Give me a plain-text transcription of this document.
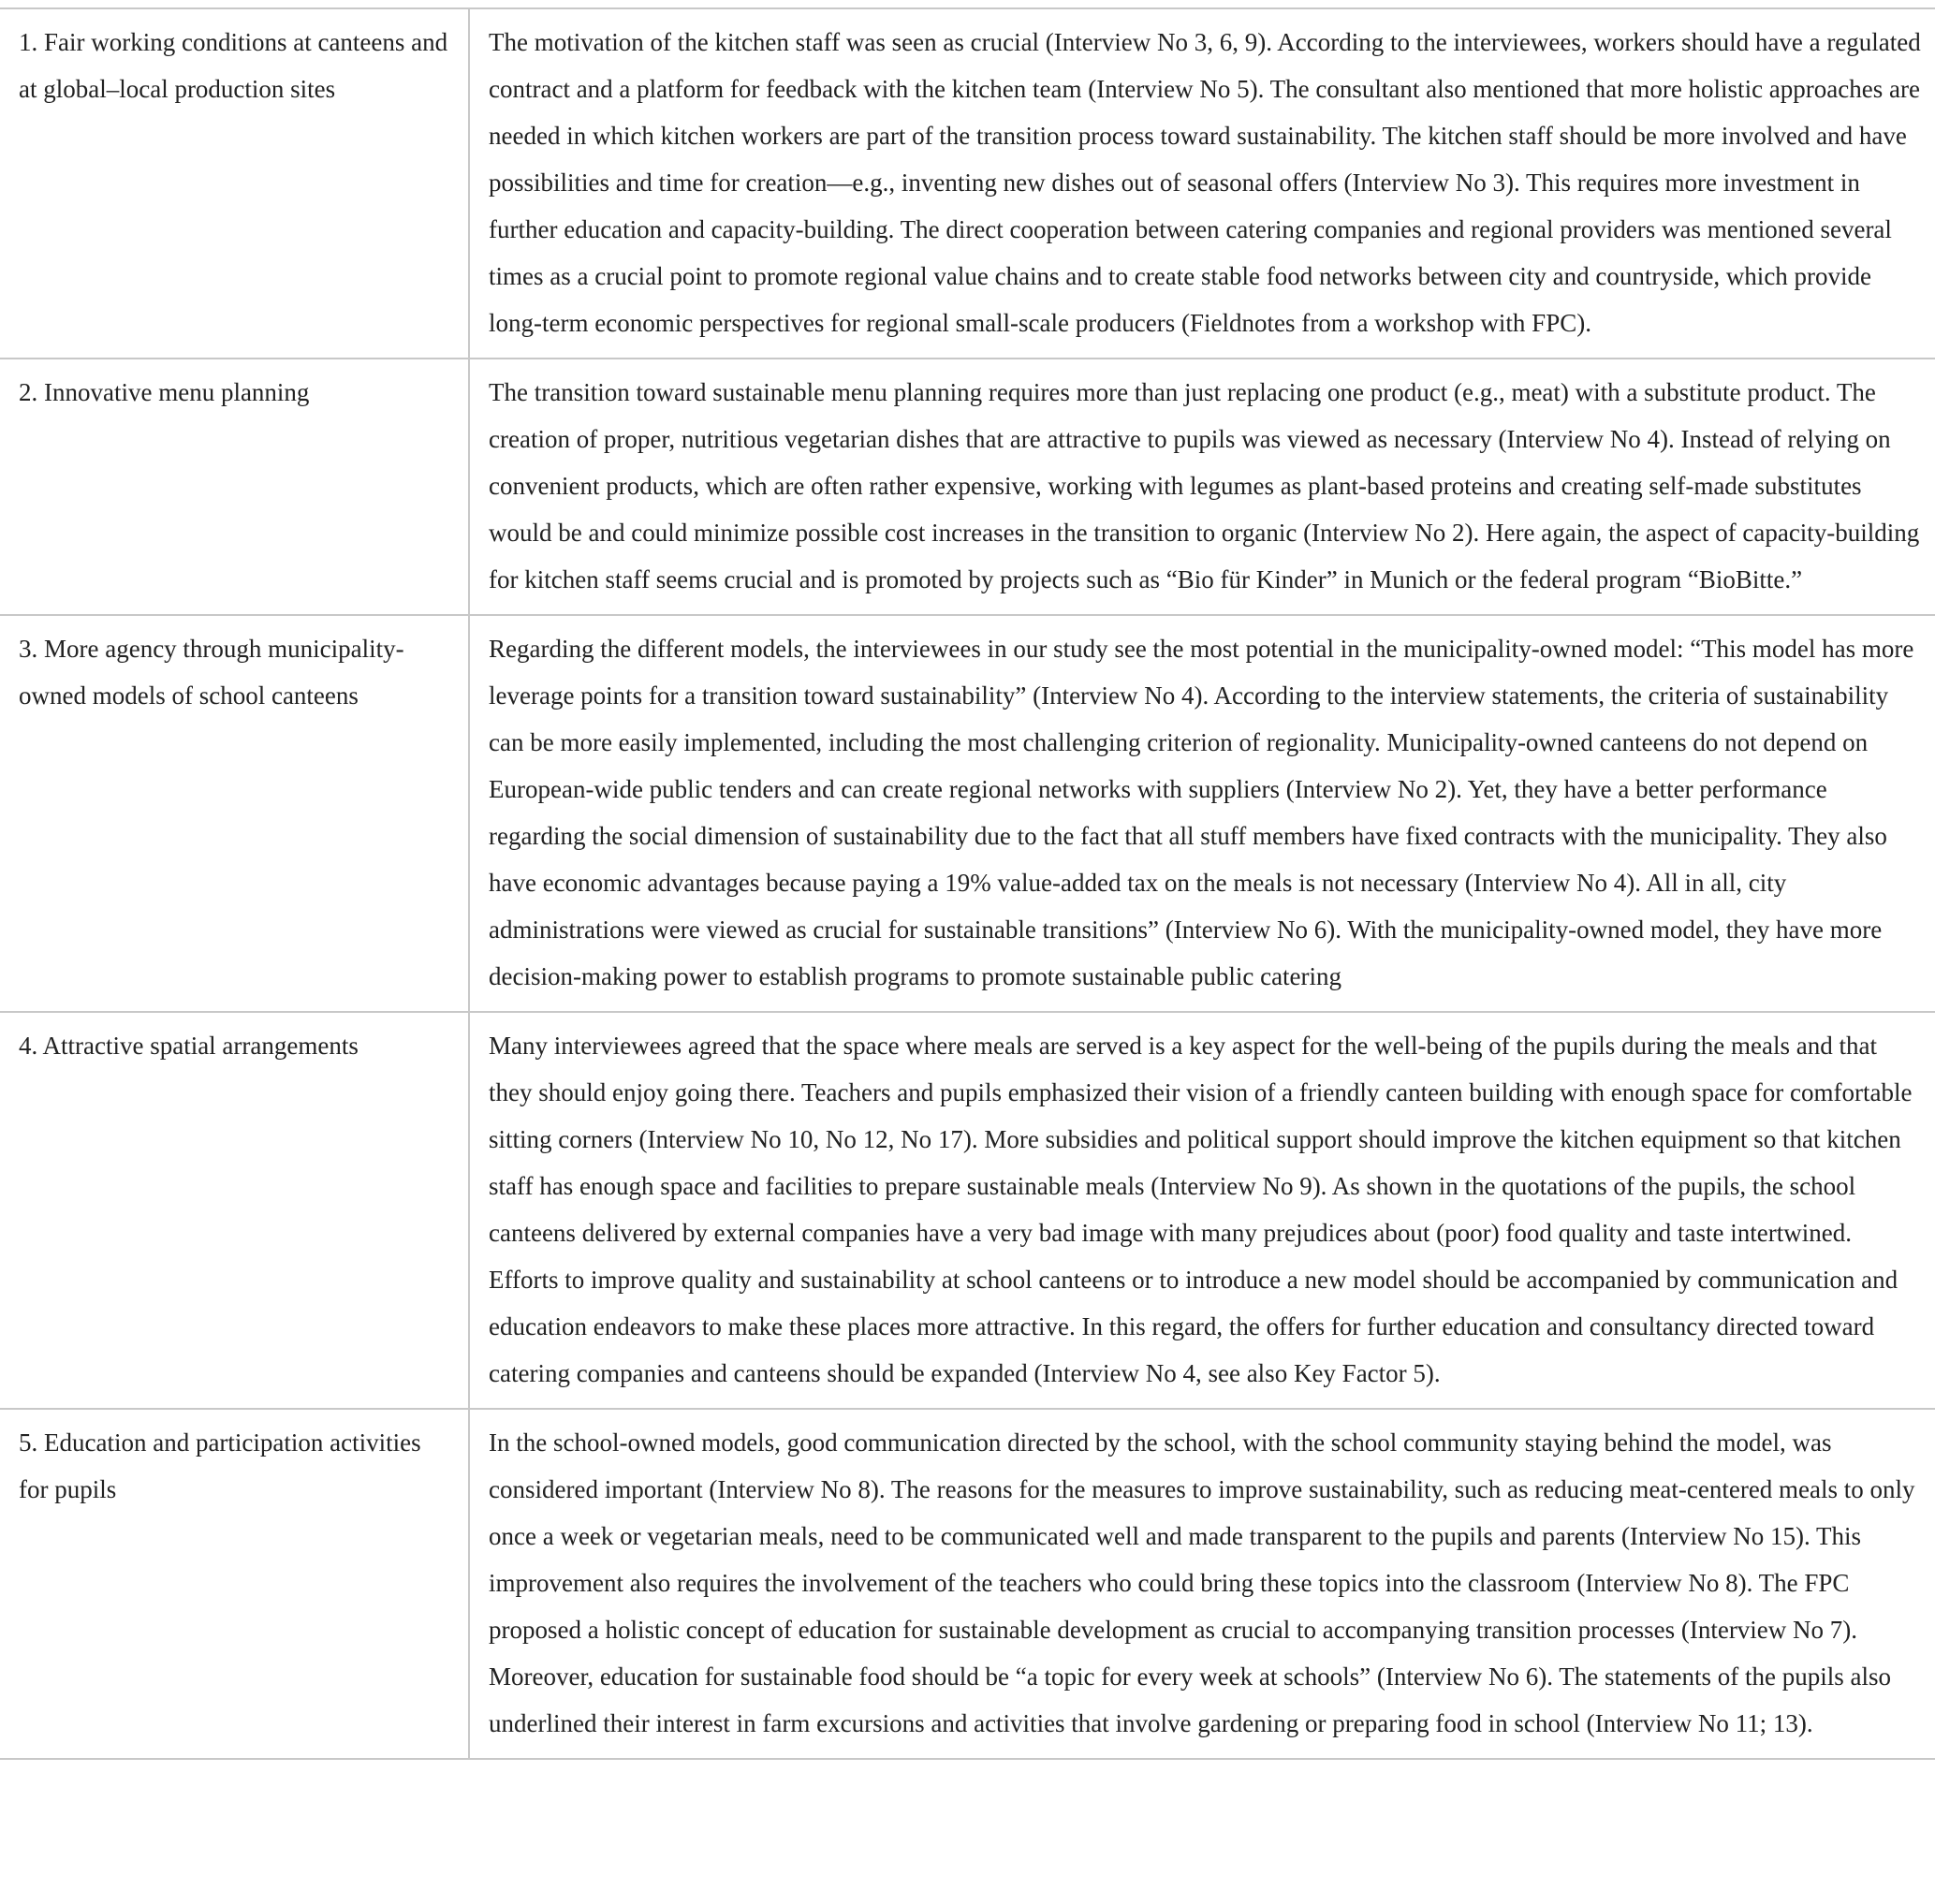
1. Fair working conditions at canteens and at global–local production sites	The motivation of the kitchen staff was seen as crucial (Interview No 3, 6, 9). According to the interviewees, workers should have a regulated contract and a platform for feedback with the kitchen team (Interview No 5). The consultant also mentioned that more holistic approaches are needed in which kitchen workers are part of the transition process toward sustainability. The kitchen staff should be more involved and have possibilities and time for creation—e.g., inventing new dishes out of seasonal offers (Interview No 3). This requires more investment in further education and capacity-building. The direct cooperation between catering companies and regional providers was mentioned several times as a crucial point to promote regional value chains and to create stable food networks between city and countryside, which provide long-term economic perspectives for regional small-scale producers (Fieldnotes from a workshop with FPC).
2. Innovative menu planning	The transition toward sustainable menu planning requires more than just replacing one product (e.g., meat) with a substitute product. The creation of proper, nutritious vegetarian dishes that are attractive to pupils was viewed as necessary (Interview No 4). Instead of relying on convenient products, which are often rather expensive, working with legumes as plant-based proteins and creating self-made substitutes would be and could minimize possible cost increases in the transition to organic (Interview No 2). Here again, the aspect of capacity-building for kitchen staff seems crucial and is promoted by projects such as “Bio für Kinder” in Munich or the federal program “BioBitte.”
3. More agency through municipality-owned models of school canteens	Regarding the different models, the interviewees in our study see the most potential in the municipality-owned model: “This model has more leverage points for a transition toward sustainability” (Interview No 4). According to the interview statements, the criteria of sustainability can be more easily implemented, including the most challenging criterion of regionality. Municipality-owned canteens do not depend on European-wide public tenders and can create regional networks with suppliers (Interview No 2). Yet, they have a better performance regarding the social dimension of sustainability due to the fact that all stuff members have fixed contracts with the municipality. They also have economic advantages because paying a 19% value-added tax on the meals is not necessary (Interview No 4). All in all, city administrations were viewed as crucial for sustainable transitions” (Interview No 6). With the municipality-owned model, they have more decision-making power to establish programs to promote sustainable public catering
4. Attractive spatial arrangements	Many interviewees agreed that the space where meals are served is a key aspect for the well-being of the pupils during the meals and that they should enjoy going there. Teachers and pupils emphasized their vision of a friendly canteen building with enough space for comfortable sitting corners (Interview No 10, No 12, No 17). More subsidies and political support should improve the kitchen equipment so that kitchen staff has enough space and facilities to prepare sustainable meals (Interview No 9). As shown in the quotations of the pupils, the school canteens delivered by external companies have a very bad image with many prejudices about (poor) food quality and taste intertwined. Efforts to improve quality and sustainability at school canteens or to introduce a new model should be accompanied by communication and education endeavors to make these places more attractive. In this regard, the offers for further education and consultancy directed toward catering companies and canteens should be expanded (Interview No 4, see also Key Factor 5).
5. Education and participation activities for pupils	In the school-owned models, good communication directed by the school, with the school community staying behind the model, was considered important (Interview No 8). The reasons for the measures to improve sustainability, such as reducing meat-centered meals to only once a week or vegetarian meals, need to be communicated well and made transparent to the pupils and parents (Interview No 15). This improvement also requires the involvement of the teachers who could bring these topics into the classroom (Interview No 8). The FPC proposed a holistic concept of education for sustainable development as crucial to accompanying transition processes (Interview No 7). Moreover, education for sustainable food should be “a topic for every week at schools” (Interview No 6). The statements of the pupils also underlined their interest in farm excursions and activities that involve gardening or preparing food in school (Interview No 11; 13).
